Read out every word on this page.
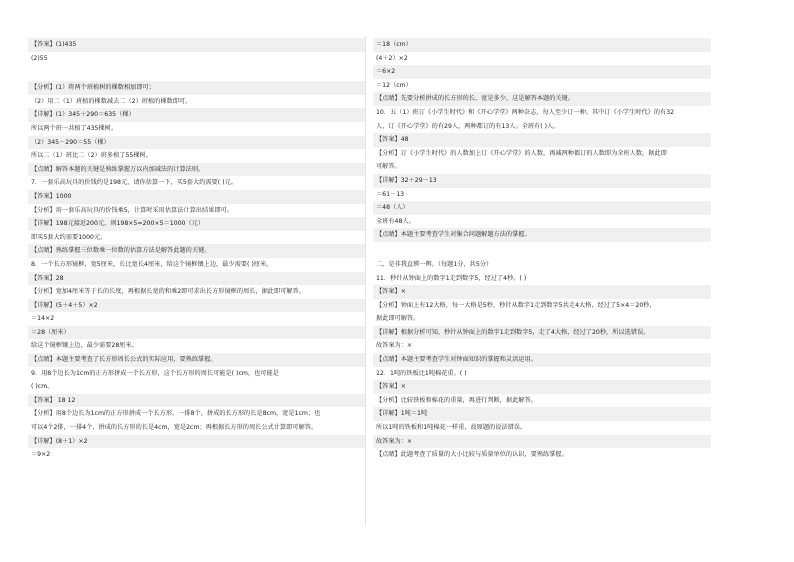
【答案】(1)435
(2)55
【分析】(1）将两个班植树的棵数相加即可；
（2）用二（1）班植的棵数减去二（2）班植的棵数即可。
【详解】(1）345＋290＝635（棵）
所以两个班一共植了435棵树。
（2）345－290＝55（棵）
所以二（1）班比二（2）班多植了55棵树。
【点睛】解答本题的关键是熟练掌握万以内加减法的计算法则。
7．一套乐高玩具的价钱约是198元，请你估算一下，买5套大约需要( )元。
【答案】1000
【分析】用一套乐高玩具的价钱乘5，计算时采用估算法计算出结果即可。
【详解】198元接近200元，则198×5≈200×5＝1000（元）
即买5套大约需要1000元。
【点睛】熟练掌握三位数乘一位数的估算方法是解答此题的关键。
8．一个长方形镜框，宽5厘米，长比宽长4厘米，给这个镜框镶上边，最少需要( )厘米。
【答案】28
【分析】宽加4厘米等于长的长度，再根据长宽的和乘2即可求出长方形镜框的周长，据此即可解答。
【详解】(5＋4＋5）×2
＝14×2
＝28（厘米）
给这个镜框镶上边，最少需要28厘米。
【点睛】本题主要考查了长方形周长公式的实际应用，要熟练掌握。
9．用8个边长为1cm的正方形拼成一个长方形，这个长方形的周长可能是( )cm，也可能是
( )cm。
【答案】 18 12
【分析】用8个边长为1cm的正方形拼成一个长方形，一排8个，拼成的长方形的长是8cm，宽是1cm；也
可以4个2排，一排4个，拼成的长方形的长是4cm，宽是2cm；再根据长方形的周长公式计算即可解答。
【详解】(8＋1）×2
＝9×2
＝18（cm）
(4＋2）×2
＝6×2
＝12（cm）
【点睛】先要分析拼成的长方形的长、宽是多少，这是解答本题的关键。
10．五（1）班订《小学生时代》和《开心学堂》两种杂志，每人至少订一种。其中订《小学生时代》的有32
人，订《开心学堂》的有29人，两种都订的有13人。全班有( )人。
【答案】48
【分析】订《小学生时代》的人数加上订《开心学堂》的人数，再减两种都订的人数即为全班人数，据此即
可解答。
【详解】32＋29－13
＝61－13
＝48（人）
全班有48人。
【点睛】本题主要考查学生对集合问题解题方法的掌握。
二、是非我直辨一辨。（每题1分，共5分）
11．秒针从钟面上的数字1走到数字5，经过了4秒。( )
【答案】×
【分析】钟面上有12大格，每一大格是5秒，秒针从数字1走到数字5共走4大格，经过了5×4＝20秒，
据此即可解答。
【详解】根据分析可知，秒针从钟面上的数字1走到数字5，走了4大格，经过了20秒，所以选错误。
故答案为：×
【点睛】本题主要考查学生对钟面知识的掌握和灵活运用。
12．1吨的铁板比1吨棉花重。( )
【答案】×
【分析】比较铁板和棉花的重量，再进行判断，据此解答。
【详解】1吨＝1吨
所以1吨的铁板和1吨棉花一样重，故原题的说法错误。
故答案为：×
【点睛】此题考查了质量的大小比较与质量单位的认识，要熟练掌握。
